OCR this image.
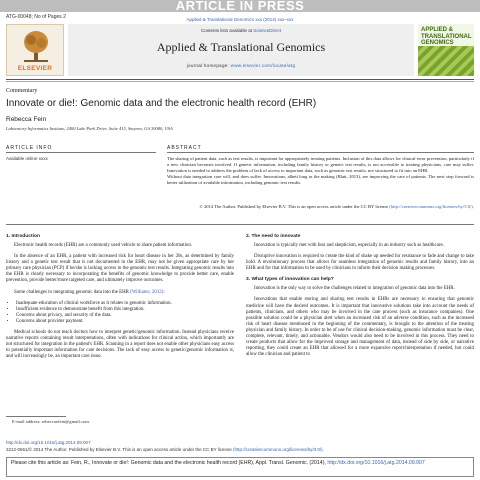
ARTICLE IN PRESS
ATG-00048; No of Pages 2	Applied & Translational Genomics xxx (2014) xxx–xxx
ELSEVIER
Contents lists available at ScienceDirect
Applied & Translational Genomics
journal homepage: www.elsevier.com/locate/atg
APPLIED & TRANSLATIONAL GENOMICS
Commentary
Innovate or die!: Genomic data and the electronic health record (EHR)
Rebecca Fein
Laboratory Informatics Institute, 2400 Lake Park Drive, Suite 415, Smyrna, GA 30080, USA
ARTICLE INFO	ABSTRACT
Available online xxxx	The sharing of patient data, such as test results, is important for appropriately treating patients. Inclusion of this data allows for clinical error prevention, particularly if a new clinician becomes involved. If genetic information, including family history or genetic test results, is not accessible to treating physicians, care may suffer. Innovation is needed to address the problem of lack of access to important data, such as genomic test results, not structured to fit into an EHR.
Without data integration care will, and does suffer. Innovations, albeit long in the making (Blatt, 2013), are improving the care of patients. The next step forward is better utilization of available information, including genomic test results.

© 2014 The Author. Published by Elsevier B.V. This is an open access article under the CC BY license (http://creativecommons.org/licenses/by/3.0/).

1. Introduction

Electronic health records (EHR) are a commonly used vehicle to share patient information.

In the absence of an EHR, a patient with increased risk for heart disease in her 20s, as determined by family history and a genetic test result that is not documented in the EHR, may not be given appropriate care by her primary care physician (PCP) if he/she is lacking access to the genomic test results. Integrating genomic results into the EHR is clearly necessary to incorporating the benefits of genomic knowledge to provide better care, enable prevention, provide better/more targeted care, and ultimately improve outcomes.

Some challenges to integrating genomic data into the EHR (Williams, 2012):

• Inadequate education of clinical workforce as it relates to genomic information.
• Insufficient evidence to demonstrate benefit from this integration.
• Concerns about privacy, and security of the data.
• Concerns about provider payment.

Medical schools do not teach doctors how to interpret genetic/genomic information. Instead physicians receive narrative reports containing result interpretations, often with indications for clinical action, which importantly are not structured for integration in the patient's EHR. Scanning in a report does not enable other physicians easy access to potentially important information for care decisions. The lack of easy access to genetic/genomic information is, and will increasingly be, an important care issue.

2. The need to innovate

Innovation is typically met with fear and skepticism, especially in an industry such as healthcare.

Disruptive innovation is required to create the kind of shake up needed for resistance to fade and change to take hold. A revolutionary process that allows for seamless integration of genomic results and family history, into an EHR and for that information to be used by clinicians to inform their decision making processes.

3. What types of innovation can help?

Innovation is the only way to solve the challenges related to integration of genomic data into the EHR.

Innovations that enable storing and sharing test results in EHRs are necessary to ensuring that genomic medicine will have the desired outcomes. It is important that innovative solutions take into account the needs of patients, clinicians, and others who may be involved in the care process (such as insurance companies). One possible solution could be a physician alert when an increased risk of an adverse condition, such as the increased risk of heart disease mentioned in the beginning of the commentary, is brought to the attention of the treating physician and family history. In order to be of use for clinical decision-making, genomic information must be clear, complete, relevant, timely, and actionable. Vendors would also need to be involved in this process. They need to create products that allow for the improved storage and management of data, instead of side by side, or narrative reporting, they could create an EHR that allowed for a more expansive report/interpretation if needed, but could allow the clinician and patient to

E-mail address: rebeccaefein@gmail.com.
http://dx.doi.org/10.1016/j.atg.2014.09.007
2212-0661/© 2014 The Author. Published by Elsevier B.V. This is an open access article under the CC BY license (http://creativecommons.org/licenses/by/3.0/).
Please cite this article as: Fein, R., Innovate or die!: Genomic data and the electronic health record (EHR), Appl. Transl. Genomic. (2014), http://dx.doi.org/10.1016/j.atg.2014.09.007
